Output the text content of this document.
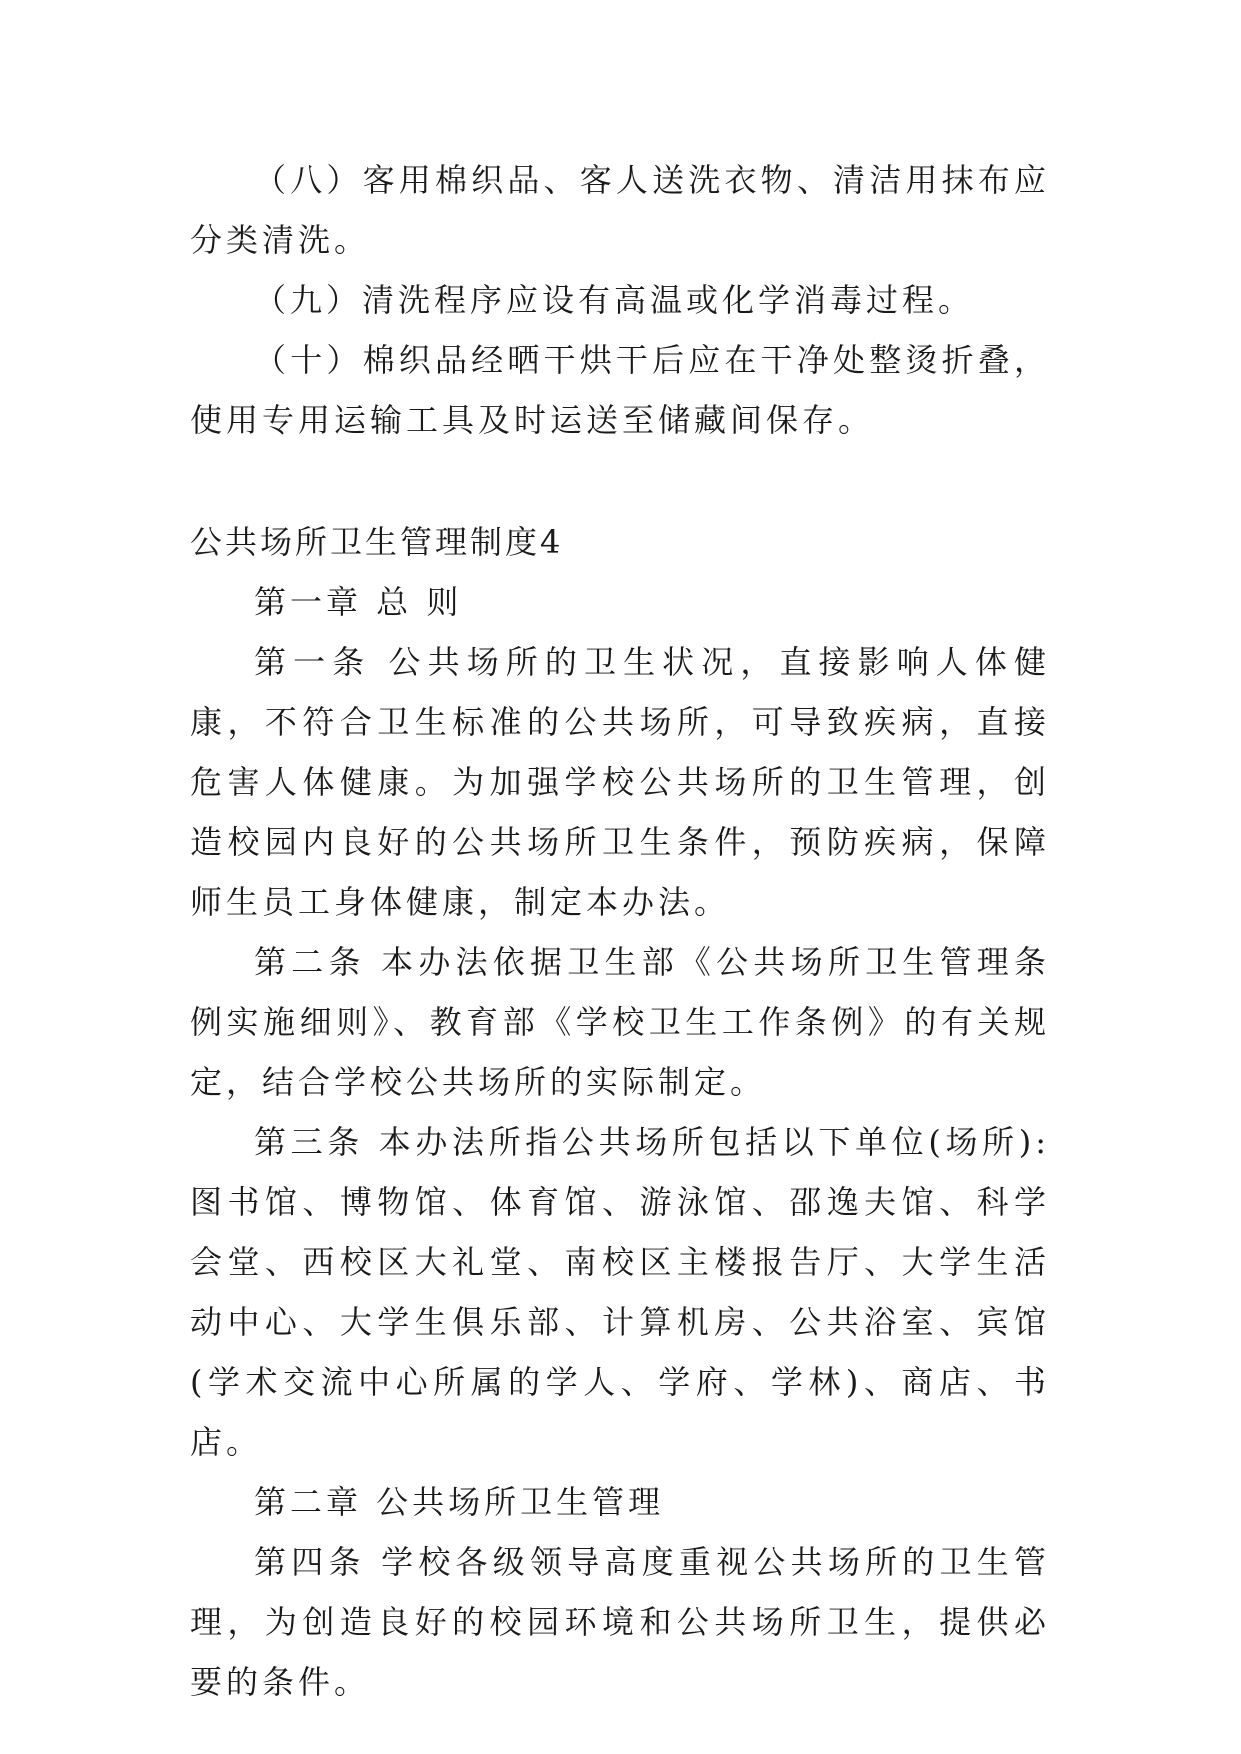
（八）客用棉织品、客人送洗衣物、清洁用抹布应分类清洗。

（九）清洗程序应设有高温或化学消毒过程。

（十）棉织品经晒干烘干后应在干净处整烫折叠，使用专用运输工具及时运送至储藏间保存。

公共场所卫生管理制度4

第一章 总 则

第一条 公共场所的卫生状况，直接影响人体健康，不符合卫生标准的公共场所，可导致疾病，直接危害人体健康。为加强学校公共场所的卫生管理，创造校园内良好的公共场所卫生条件，预防疾病，保障师生员工身体健康，制定本办法。

第二条 本办法依据卫生部《公共场所卫生管理条例实施细则》、教育部《学校卫生工作条例》的有关规定，结合学校公共场所的实际制定。

第三条 本办法所指公共场所包括以下单位(场所):图书馆、博物馆、体育馆、游泳馆、邵逸夫馆、科学会堂、西校区大礼堂、南校区主楼报告厅、大学生活动中心、大学生俱乐部、计算机房、公共浴室、宾馆(学术交流中心所属的学人、学府、学林)、商店、书店。

第二章 公共场所卫生管理

第四条 学校各级领导高度重视公共场所的卫生管理，为创造良好的校园环境和公共场所卫生，提供必要的条件。
